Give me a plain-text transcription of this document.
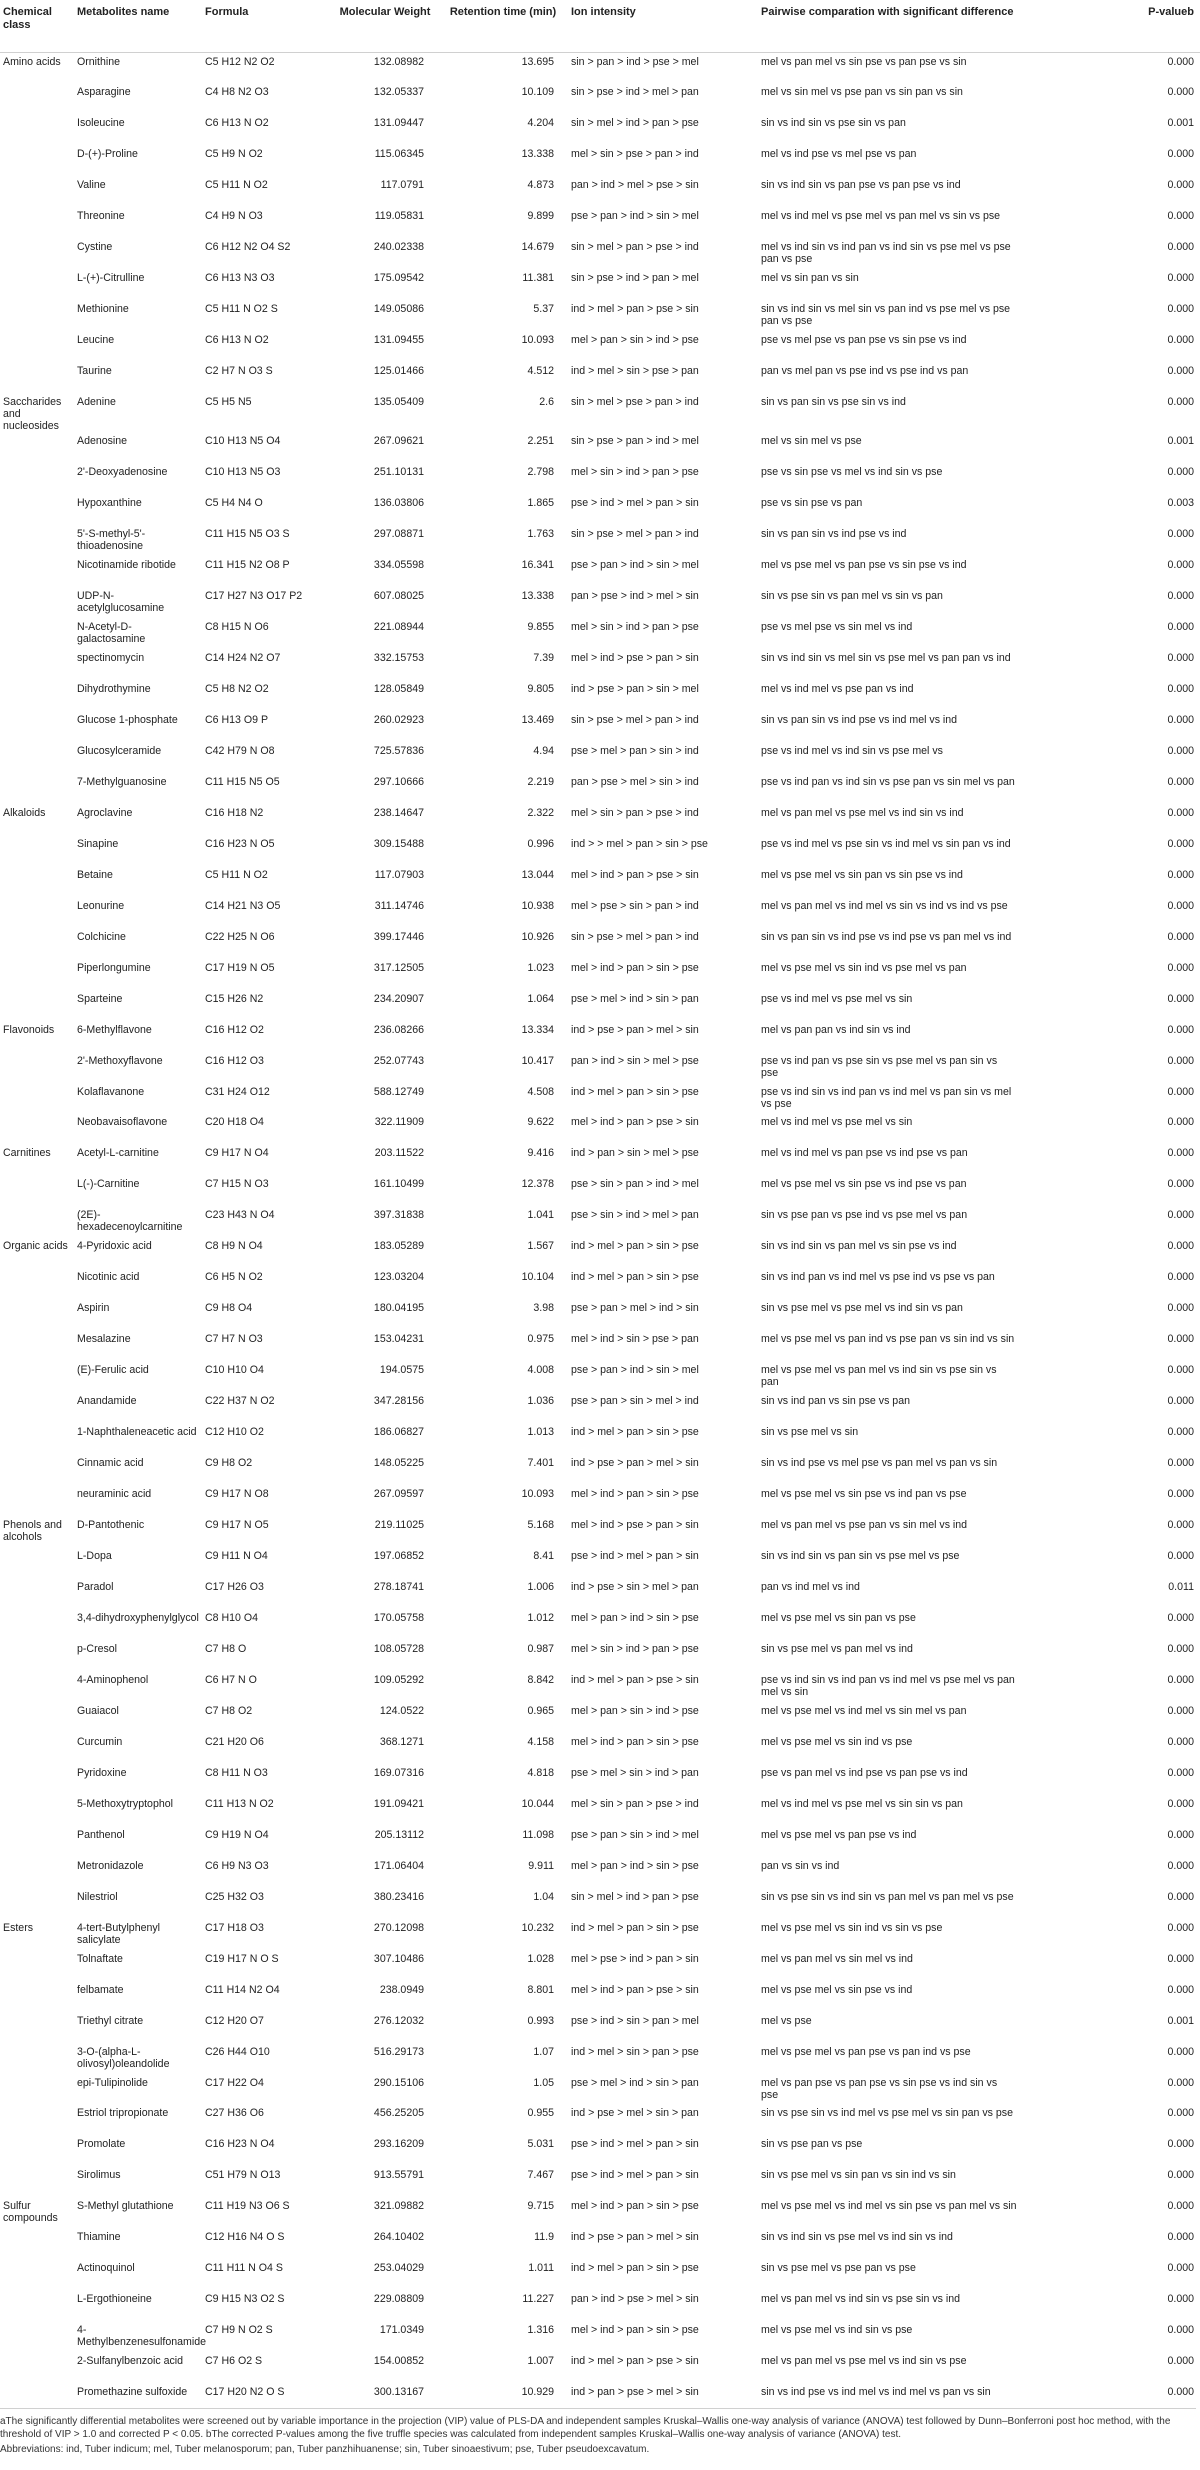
Chemical class	Metabolites name	Formula	Molecular Weight	Retention time (min)	Ion intensity	Pairwise comparation with significant difference	P-valueb
Amino acids	Ornithine	C5 H12 N2 O2	132.08982	13.695	sin > pan > ind > pse > mel	mel vs pan mel vs sin pse vs pan pse vs sin	0.000
	Asparagine	C4 H8 N2 O3	132.05337	10.109	sin > pse > ind > mel > pan	mel vs sin mel vs pse pan vs sin pan vs sin	0.000
	Isoleucine	C6 H13 N O2	131.09447	4.204	sin > mel > ind > pan > pse	sin vs ind sin vs pse sin vs pan	0.001
	D-(+)-Proline	C5 H9 N O2	115.06345	13.338	mel > sin > pse > pan > ind	mel vs ind pse vs mel pse vs pan	0.000
	Valine	C5 H11 N O2	117.0791	4.873	pan > ind > mel > pse > sin	sin vs ind sin vs pan pse vs pan pse vs ind	0.000
	Threonine	C4 H9 N O3	119.05831	9.899	pse > pan > ind > sin > mel	mel vs ind mel vs pse mel vs pan mel vs sin vs pse	0.000
	Cystine	C6 H12 N2 O4 S2	240.02338	14.679	sin > mel > pan > pse > ind	mel vs ind sin vs ind pan vs ind sin vs pse mel vs pse pan vs pse	0.000
	L-(+)-Citrulline	C6 H13 N3 O3	175.09542	11.381	sin > pse > ind > pan > mel	mel vs sin pan vs sin	0.000
	Methionine	C5 H11 N O2 S	149.05086	5.37	ind > mel > pan > pse > sin	sin vs ind sin vs mel sin vs pan ind vs pse mel vs pse pan vs pse	0.000
	Leucine	C6 H13 N O2	131.09455	10.093	mel > pan > sin > ind > pse	pse vs mel pse vs pan pse vs sin pse vs ind	0.000
	Taurine	C2 H7 N O3 S	125.01466	4.512	ind > mel > sin > pse > pan	pan vs mel pan vs pse ind vs pse ind vs pan	0.000
Saccharides and nucleosides	Adenine	C5 H5 N5	135.05409	2.6	sin > mel > pse > pan > ind	sin vs pan sin vs pse sin vs ind	0.000
	Adenosine	C10 H13 N5 O4	267.09621	2.251	sin > pse > pan > ind > mel	mel vs sin mel vs pse	0.001
	2'-Deoxyadenosine	C10 H13 N5 O3	251.10131	2.798	mel > sin > ind > pan > pse	pse vs sin pse vs mel vs ind sin vs pse	0.000
	Hypoxanthine	C5 H4 N4 O	136.03806	1.865	pse > ind > mel > pan > sin	pse vs sin pse vs pan	0.003
	5'-S-methyl-5'-thioadenosine	C11 H15 N5 O3 S	297.08871	1.763	sin > pse > mel > pan > ind	sin vs pan sin vs ind pse vs ind	0.000
	Nicotinamide ribotide	C11 H15 N2 O8 P	334.05598	16.341	pse > pan > ind > sin > mel	mel vs pse mel vs pan pse vs sin pse vs ind	0.000
	UDP-N-acetylglucosamine	C17 H27 N3 O17 P2	607.08025	13.338	pan > pse > ind > mel > sin	sin vs pse sin vs pan mel vs sin vs pan	0.000
	N-Acetyl-D-galactosamine	C8 H15 N O6	221.08944	9.855	mel > sin > ind > pan > pse	pse vs mel pse vs sin mel vs ind	0.000
	spectinomycin	C14 H24 N2 O7	332.15753	7.39	mel > ind > pse > pan > sin	sin vs ind sin vs mel sin vs pse mel vs pan pan vs ind	0.000
	Dihydrothymine	C5 H8 N2 O2	128.05849	9.805	ind > pse > pan > sin > mel	mel vs ind mel vs pse pan vs ind	0.000
	Glucose 1-phosphate	C6 H13 O9 P	260.02923	13.469	sin > pse > mel > pan > ind	sin vs pan sin vs ind pse vs ind mel vs ind	0.000
	Glucosylceramide	C42 H79 N O8	725.57836	4.94	pse > mel > pan > sin > ind	pse vs ind mel vs ind sin vs pse mel vs	0.000
	7-Methylguanosine	C11 H15 N5 O5	297.10666	2.219	pan > pse > mel > sin > ind	pse vs ind pan vs ind sin vs pse pan vs sin mel vs pan	0.000
Alkaloids	Agroclavine	C16 H18 N2	238.14647	2.322	mel > sin > pan > pse > ind	mel vs pan mel vs pse mel vs ind sin vs ind	0.000
	Sinapine	C16 H23 N O5	309.15488	0.996	ind > > mel > pan > sin > pse	pse vs ind mel vs pse sin vs ind mel vs sin pan vs ind	0.000
	Betaine	C5 H11 N O2	117.07903	13.044	mel > ind > pan > pse > sin	mel vs pse mel vs sin pan vs sin pse vs ind	0.000
	Leonurine	C14 H21 N3 O5	311.14746	10.938	mel > pse > sin > pan > ind	mel vs pan mel vs ind mel vs sin vs ind vs ind vs pse	0.000
	Colchicine	C22 H25 N O6	399.17446	10.926	sin > pse > mel > pan > ind	sin vs pan sin vs ind pse vs ind pse vs pan mel vs ind	0.000
	Piperlongumine	C17 H19 N O5	317.12505	1.023	mel > ind > pan > sin > pse	mel vs pse mel vs sin ind vs pse mel vs pan	0.000
	Sparteine	C15 H26 N2	234.20907	1.064	pse > mel > ind > sin > pan	pse vs ind mel vs pse mel vs sin	0.000
Flavonoids	6-Methylflavone	C16 H12 O2	236.08266	13.334	ind > pse > pan > mel > sin	mel vs pan pan vs ind sin vs ind	0.000
	2'-Methoxyflavone	C16 H12 O3	252.07743	10.417	pan > ind > sin > mel > pse	pse vs ind pan vs pse sin vs pse mel vs pan sin vs pse	0.000
	Kolaflavanone	C31 H24 O12	588.12749	4.508	ind > mel > pan > sin > pse	pse vs ind sin vs ind pan vs ind mel vs pan sin vs mel vs pse	0.000
	Neobavaisoflavone	C20 H18 O4	322.11909	9.622	mel > ind > pan > pse > sin	mel vs ind mel vs pse mel vs sin	0.000
Carnitines	Acetyl-L-carnitine	C9 H17 N O4	203.11522	9.416	ind > pan > sin > mel > pse	mel vs ind mel vs pan pse vs ind pse vs pan	0.000
	L(-)-Carnitine	C7 H15 N O3	161.10499	12.378	pse > sin > pan > ind > mel	mel vs pse mel vs sin pse vs ind pse vs pan	0.000
	(2E)-hexadecenoylcarnitine	C23 H43 N O4	397.31838	1.041	pse > sin > ind > mel > pan	sin vs pse pan vs pse ind vs pse mel vs pan	0.000
Organic acids	4-Pyridoxic acid	C8 H9 N O4	183.05289	1.567	ind > mel > pan > sin > pse	sin vs ind sin vs pan mel vs sin pse vs ind	0.000
	Nicotinic acid	C6 H5 N O2	123.03204	10.104	ind > mel > pan > sin > pse	sin vs ind pan vs ind mel vs pse ind vs pse vs pan	0.000
	Aspirin	C9 H8 O4	180.04195	3.98	pse > pan > mel > ind > sin	sin vs pse mel vs pse mel vs ind sin vs pan	0.000
	Mesalazine	C7 H7 N O3	153.04231	0.975	mel > ind > sin > pse > pan	mel vs pse mel vs pan ind vs pse pan vs sin ind vs sin	0.000
	(E)-Ferulic acid	C10 H10 O4	194.0575	4.008	pse > pan > ind > sin > mel	mel vs pse mel vs pan mel vs ind sin vs pse sin vs pan	0.000
	Anandamide	C22 H37 N O2	347.28156	1.036	pse > pan > sin > mel > ind	sin vs ind pan vs sin pse vs pan	0.000
	1-Naphthaleneacetic acid	C12 H10 O2	186.06827	1.013	ind > mel > pan > sin > pse	sin vs pse mel vs sin	0.000
	Cinnamic acid	C9 H8 O2	148.05225	7.401	ind > pse > pan > mel > sin	sin vs ind pse vs mel pse vs pan mel vs pan vs sin	0.000
	neuraminic acid	C9 H17 N O8	267.09597	10.093	mel > ind > pan > sin > pse	mel vs pse mel vs sin pse vs ind pan vs pse	0.000
Phenols and alcohols	D-Pantothenic	C9 H17 N O5	219.11025	5.168	mel > ind > pse > pan > sin	mel vs pan mel vs pse pan vs sin mel vs ind	0.000
	L-Dopa	C9 H11 N O4	197.06852	8.41	pse > ind > mel > pan > sin	sin vs ind sin vs pan sin vs pse mel vs pse	0.000
	Paradol	C17 H26 O3	278.18741	1.006	ind > pse > sin > mel > pan	pan vs ind mel vs ind	0.011
	3,4-dihydroxyphenylglycol	C8 H10 O4	170.05758	1.012	mel > pan > ind > sin > pse	mel vs pse mel vs sin pan vs pse	0.000
	p-Cresol	C7 H8 O	108.05728	0.987	mel > sin > ind > pan > pse	sin vs pse mel vs pan mel vs ind	0.000
	4-Aminophenol	C6 H7 N O	109.05292	8.842	ind > mel > pan > pse > sin	pse vs ind sin vs ind pan vs ind mel vs pse mel vs pan mel vs sin	0.000
	Guaiacol	C7 H8 O2	124.0522	0.965	mel > pan > sin > ind > pse	mel vs pse mel vs ind mel vs sin mel vs pan	0.000
	Curcumin	C21 H20 O6	368.1271	4.158	mel > ind > pan > sin > pse	mel vs pse mel vs sin ind vs pse	0.000
	Pyridoxine	C8 H11 N O3	169.07316	4.818	pse > mel > sin > ind > pan	pse vs pan mel vs ind pse vs pan pse vs ind	0.000
	5-Methoxytryptophol	C11 H13 N O2	191.09421	10.044	mel > sin > pan > pse > ind	mel vs ind mel vs pse mel vs sin sin vs pan	0.000
	Panthenol	C9 H19 N O4	205.13112	11.098	pse > pan > sin > ind > mel	mel vs pse mel vs pan pse vs ind	0.000
	Metronidazole	C6 H9 N3 O3	171.06404	9.911	mel > pan > ind > sin > pse	pan vs sin vs ind	0.000
	Nilestriol	C25 H32 O3	380.23416	1.04	sin > mel > ind > pan > pse	sin vs pse sin vs ind sin vs pan mel vs pan mel vs pse	0.000
Esters	4-tert-Butylphenyl salicylate	C17 H18 O3	270.12098	10.232	ind > mel > pan > sin > pse	mel vs pse mel vs sin ind vs sin vs pse	0.000
	Tolnaftate	C19 H17 N O S	307.10486	1.028	mel > pse > ind > pan > sin	mel vs pan mel vs sin mel vs ind	0.000
	felbamate	C11 H14 N2 O4	238.0949	8.801	mel > ind > pan > pse > sin	mel vs pse mel vs sin pse vs ind	0.000
	Triethyl citrate	C12 H20 O7	276.12032	0.993	pse > ind > sin > pan > mel	mel vs pse	0.001
	3-O-(alpha-L-olivosyl)oleandolide	C26 H44 O10	516.29173	1.07	ind > mel > sin > pan > pse	mel vs pse mel vs pan pse vs pan ind vs pse	0.000
	epi-Tulipinolide	C17 H22 O4	290.15106	1.05	pse > mel > ind > sin > pan	mel vs pan pse vs pan pse vs sin pse vs ind sin vs pse	0.000
	Estriol tripropionate	C27 H36 O6	456.25205	0.955	ind > pse > mel > sin > pan	sin vs pse sin vs ind mel vs pse mel vs sin pan vs pse	0.000
	Promolate	C16 H23 N O4	293.16209	5.031	pse > ind > mel > pan > sin	sin vs pse pan vs pse	0.000
	Sirolimus	C51 H79 N O13	913.55791	7.467	pse > ind > mel > pan > sin	sin vs pse mel vs sin pan vs sin ind vs sin	0.000
Sulfur compounds	S-Methyl glutathione	C11 H19 N3 O6 S	321.09882	9.715	mel > ind > pan > sin > pse	mel vs pse mel vs ind mel vs sin pse vs pan mel vs sin	0.000
	Thiamine	C12 H16 N4 O S	264.10402	11.9	ind > pse > pan > mel > sin	sin vs ind sin vs pse mel vs ind sin vs ind	0.000
	Actinoquinol	C11 H11 N O4 S	253.04029	1.011	ind > mel > pan > sin > pse	sin vs pse mel vs pse pan vs pse	0.000
	L-Ergothioneine	C9 H15 N3 O2 S	229.08809	11.227	pan > ind > pse > mel > sin	mel vs pan mel vs ind sin vs pse sin vs ind	0.000
	4-Methylbenzenesulfonamide	C7 H9 N O2 S	171.0349	1.316	mel > ind > pan > sin > pse	mel vs pse mel vs ind sin vs pse	0.000
	2-Sulfanylbenzoic acid	C7 H6 O2 S	154.00852	1.007	ind > mel > pan > pse > sin	mel vs pan mel vs pse mel vs ind sin vs pse	0.000
	Promethazine sulfoxide	C17 H20 N2 O S	300.13167	10.929	ind > pan > pse > mel > sin	sin vs ind pse vs ind mel vs ind mel vs pan vs sin	0.000

aThe significantly differential metabolites were screened out by variable importance in the projection (VIP) value of PLS-DA and independent samples Kruskal–Wallis one-way analysis of variance (ANOVA) test followed by Dunn–Bonferroni post hoc method, with the threshold of VIP > 1.0 and corrected P < 0.05. bThe corrected P-values among the five truffle species was calculated from independent samples Kruskal–Wallis one-way analysis of variance (ANOVA) test.

Abbreviations: ind, Tuber indicum; mel, Tuber melanosporum; pan, Tuber panzhihuanense; sin, Tuber sinoaestivum; pse, Tuber pseudoexcavatum.
